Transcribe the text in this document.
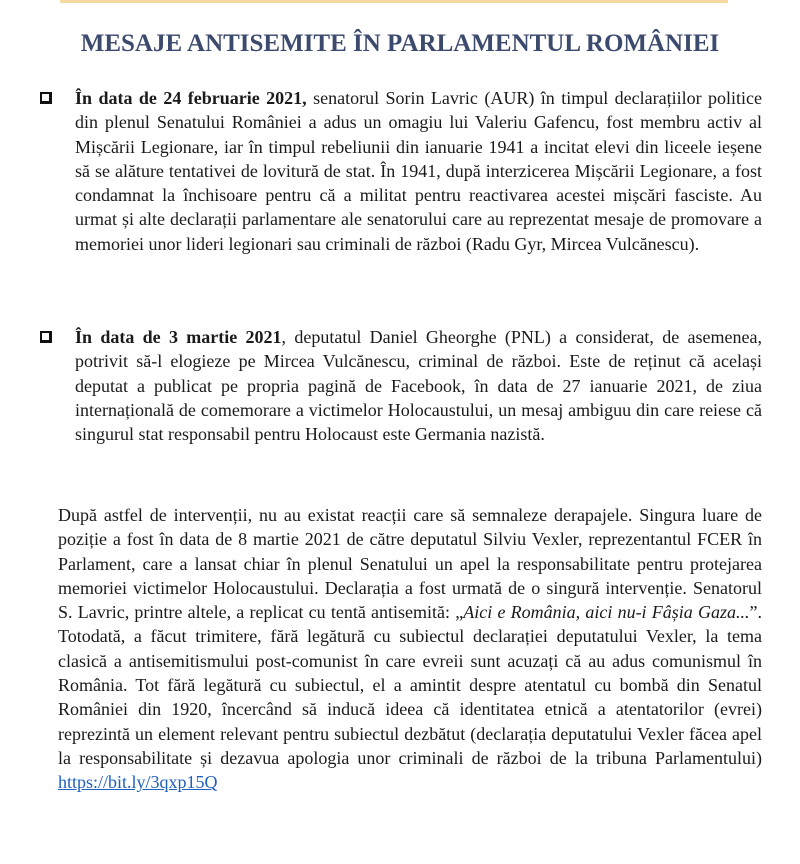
MESAJE ANTISEMITE ÎN PARLAMENTUL ROMÂNIEI
În data de 24 februarie 2021, senatorul Sorin Lavric (AUR) în timpul declarațiilor politice din plenul Senatului României a adus un omagiu lui Valeriu Gafencu, fost membru activ al Mișcării Legionare, iar în timpul rebeliunii din ianuarie 1941 a incitat elevi din liceele ieșene să se alăture tentativei de lovitură de stat. În 1941, după interzicerea Mișcării Legionare, a fost condamnat la închisoare pentru că a militat pentru reactivarea acestei mișcări fasciste. Au urmat și alte declarații parlamentare ale senatorului care au reprezentat mesaje de promovare a memoriei unor lideri legionari sau criminali de război (Radu Gyr, Mircea Vulcănescu).
În data de 3 martie 2021, deputatul Daniel Gheorghe (PNL) a considerat, de asemenea, potrivit să-l elogieze pe Mircea Vulcănescu, criminal de război. Este de reținut că același deputat a publicat pe propria pagină de Facebook, în data de 27 ianuarie 2021, de ziua internațională de comemorare a victimelor Holocaustului, un mesaj ambiguu din care reiese că singurul stat responsabil pentru Holocaust este Germania nazistă.
După astfel de intervenții, nu au existat reacții care să semnaleze derapajele. Singura luare de poziție a fost în data de 8 martie 2021 de către deputatul Silviu Vexler, reprezentantul FCER în Parlament, care a lansat chiar în plenul Senatului un apel la responsabilitate pentru protejarea memoriei victimelor Holocaustului. Declarația a fost urmată de o singură intervenție. Senatorul S. Lavric, printre altele, a replicat cu tentă antisemită: „Aici e România, aici nu-i Fâșia Gaza...”. Totodată, a făcut trimitere, fără legătură cu subiectul declarației deputatului Vexler, la tema clasică a antisemitismului post-comunist în care evreii sunt acuzați că au adus comunismul în România. Tot fără legătură cu subiectul, el a amintit despre atentatul cu bombă din Senatul României din 1920, încercând să inducă ideea că identitatea etnică a atentatorilor (evrei) reprezintă un element relevant pentru subiectul dezbătut (declarația deputatului Vexler făcea apel la responsabilitate și dezavua apologia unor criminali de război de la tribuna Parlamentului) https://bit.ly/3qxp15Q
